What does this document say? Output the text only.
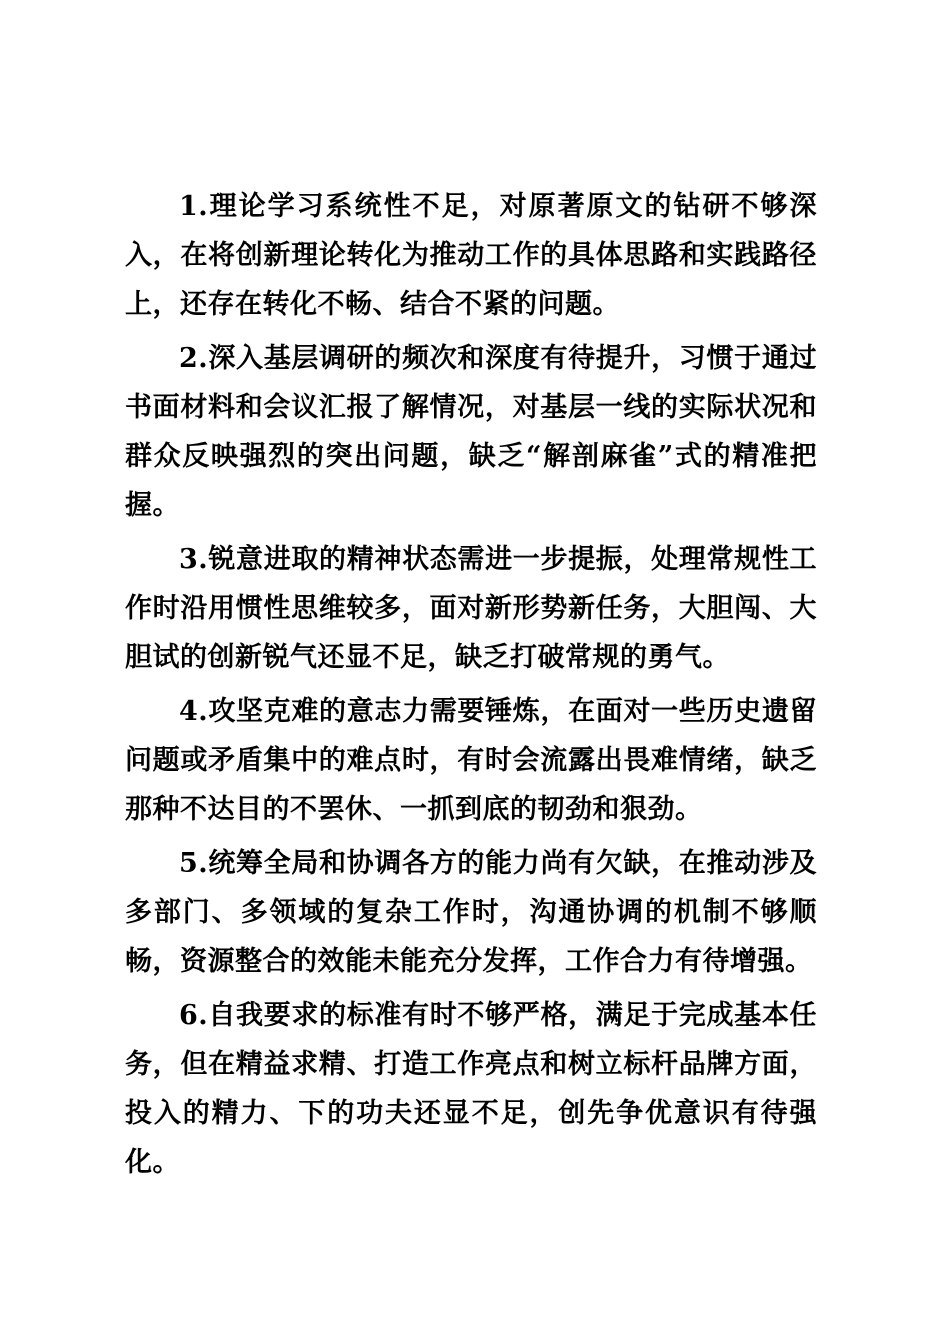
1.理论学习系统性不足，对原著原文的钻研不够深入，在将创新理论转化为推动工作的具体思路和实践路径上，还存在转化不畅、结合不紧的问题。

2.深入基层调研的频次和深度有待提升，习惯于通过书面材料和会议汇报了解情况，对基层一线的实际状况和群众反映强烈的突出问题，缺乏“解剖麻雀”式的精准把握。

3.锐意进取的精神状态需进一步提振，处理常规性工作时沿用惯性思维较多，面对新形势新任务，大胆闯、大胆试的创新锐气还显不足，缺乏打破常规的勇气。

4.攻坚克难的意志力需要锤炼，在面对一些历史遗留问题或矛盾集中的难点时，有时会流露出畏难情绪，缺乏那种不达目的不罢休、一抓到底的韧劲和狠劲。

5.统筹全局和协调各方的能力尚有欠缺，在推动涉及多部门、多领域的复杂工作时，沟通协调的机制不够顺畅，资源整合的效能未能充分发挥，工作合力有待增强。

6.自我要求的标准有时不够严格，满足于完成基本任务，但在精益求精、打造工作亮点和树立标杆品牌方面，投入的精力、下的功夫还显不足，创先争优意识有待强化。
